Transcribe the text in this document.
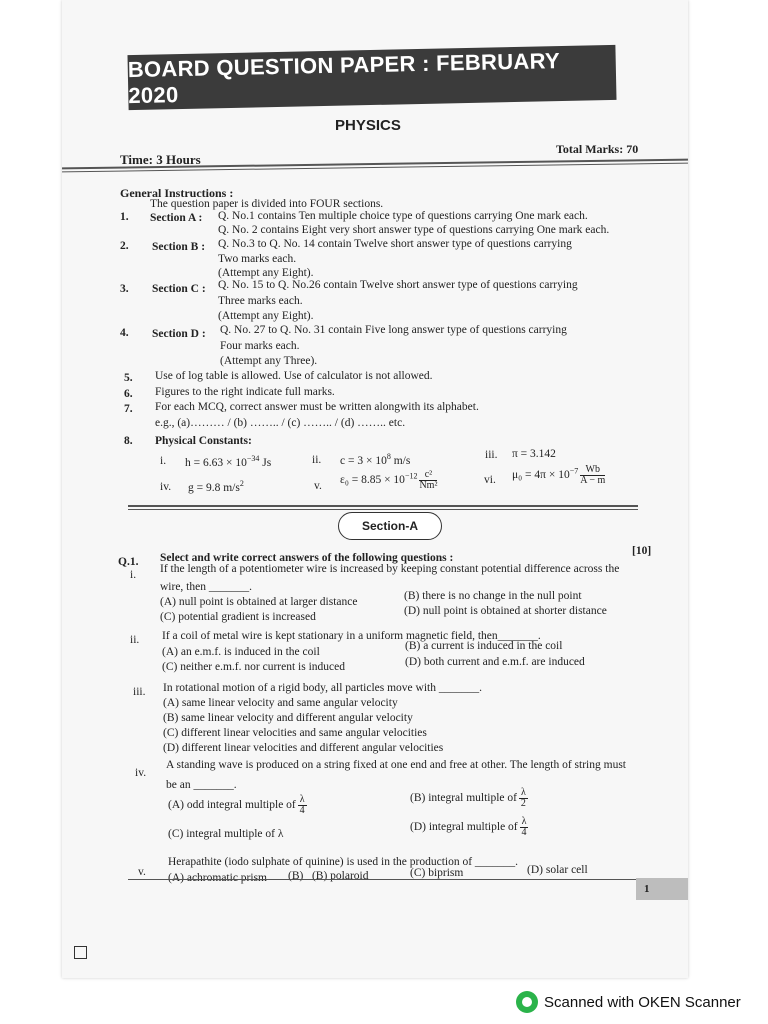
BOARD QUESTION PAPER : FEBRUARY 2020
PHYSICS
Time: 3 Hours
Total Marks: 70
General Instructions :
The question paper is divided into FOUR sections.
1. Section A : Q. No.1 contains Ten multiple choice type of questions carrying One mark each.
Q. No. 2 contains Eight very short answer type of questions carrying One mark each.
2. Section B : Q. No.3 to Q. No. 14 contain Twelve short answer type of questions carrying
Two marks each.
(Attempt any Eight).
3. Section C : Q. No. 15 to Q. No.26 contain Twelve short answer type of questions carrying
Three marks each.
(Attempt any Eight).
4. Section D : Q. No. 27 to Q. No. 31 contain Five long answer type of questions carrying
Four marks each.
(Attempt any Three).
5. Use of log table is allowed. Use of calculator is not allowed.
6. Figures to the right indicate full marks.
7. For each MCQ, correct answer must be written alongwith its alphabet.
e.g., (a)……… / (b) …….. / (c) …….. / (d) …….. etc.
8. Physical Constants:
i. $h = 6.63 \times 10^{-34}$ Js	ii. $c = 3 \times 10^8$ m/s	iii. π = 3.142
iv. g = 9.8 $m/s^2$	v. $\varepsilon_0 = 8.85 \times 10^{-12} \frac{\text{c²}}{\text{Nm²}}$	vi. $\mu_0 = 4\pi \times 10^{-7} \frac{Wb}{A - m}$
Section-A
Q.1. Select and write correct answers of the following questions :
[10]
i. If the length of a potentiometer wire is increased by keeping constant potential difference across the
wire, then _______.
(A) null point is obtained at larger distance	(B) there is no change in the null point
(C) potential gradient is increased	(D) null point is obtained at shorter distance
ii. If a coil of metal wire is kept stationary in a uniform magnetic field, then_______.
(A) an e.m.f. is induced in the coil	(B) a current is induced in the coil
(C) neither e.m.f. nor current is induced	(D) both current and e.m.f. are induced
iii. In rotational motion of a rigid body, all particles move with _______.
(A) same linear velocity and same angular velocity
(B) same linear velocity and different angular velocity
(C) different linear velocities and same angular velocities
(D) different linear velocities and different angular velocities
iv.
A standing wave is produced on a string fixed at one end and free at other. The length of string must
be an _______.
(A) odd integral multiple of $\frac{\lambda}{4}$	(B) integral multiple of $\frac{\lambda}{2}$
(C) integral multiple of λ
(D) integral multiple of $\frac{\lambda}{4}$
v.
Herapathite (iodo sulphate of quinine) is used in the production of _______.
(A) achromatic prism (B)   (B) polaroid	(C) biprism	(D) solar cell
1
Scanned with OKEN Scanner
